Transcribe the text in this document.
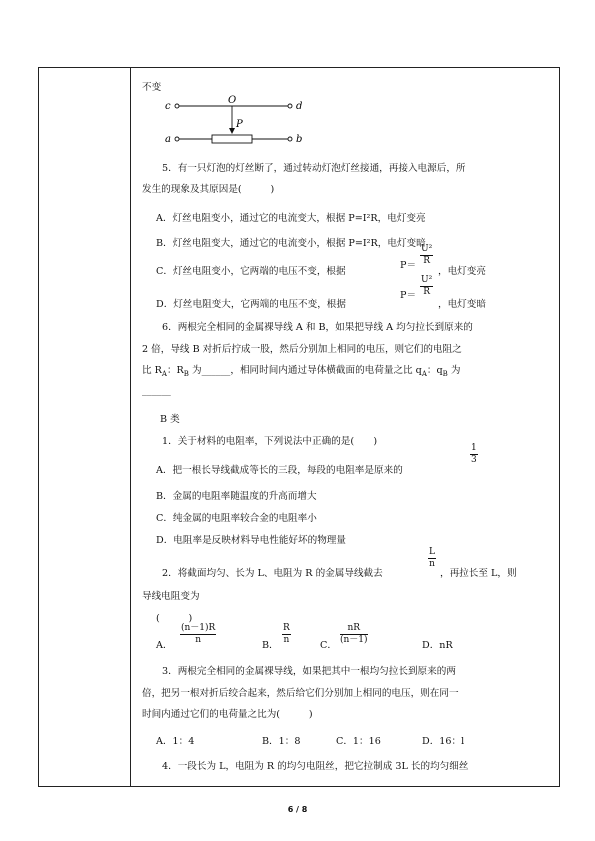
不变
c	d
a	b
O
P
5．有一只灯泡的灯丝断了，通过转动灯泡灯丝接通，再接入电源后，所
发生的现象及其原因是(　　　)
A．灯丝电阻变小，通过它的电流变大，根据 P=I²R，电灯变亮
B．灯丝电阻变大，通过它的电流变小，根据 P=I²R，电灯变暗
C．灯丝电阻变小，它两端的电压不变，根据
$P= \frac{\text{U²}}{R}$
，电灯变亮
D．灯丝电阻变大，它两端的电压不变，根据
$P= \frac{\text{U²}}{R}$
，电灯变暗
6．两根完全相同的金属裸导线 A 和 B，如果把导线 A 均匀拉长到原来的
2 倍，导线 B 对折后拧成一股，然后分别加上相同的电压，则它们的电阻之
比 $R_A$：$R_B$ 为______，相同时间内通过导体横截面的电荷量之比 $q_A$：$q_B$ 为
______
B 类
1．关于材料的电阻率，下列说法中正确的是(　　)
A．把一根长导线截成等长的三段，每段的电阻率是原来的
$\frac{1}{3}$
B．金属的电阻率随温度的升高而增大
C．纯金属的电阻率较合金的电阻率小
D．电阻率是反映材料导电性能好坏的物理量
2．将截面均匀、长为 L、电阻为 R 的金属导线截去
$\frac{L}{n}$
，再拉长至 L，则
导线电阻变为
(　　　)
A． $\frac{(n-1)R}{n}$	B． $\frac{R}{n}$	C． $\frac{nR}{(n-1)}$	D．nR
3．两根完全相同的金属裸导线，如果把其中一根均匀拉长到原来的两
倍，把另一根对折后绞合起来，然后给它们分别加上相同的电压，则在同一
时间内通过它们的电荷量之比为(　　　)
A．1：4	B．1：8	C．1：16	D．16：l
4．一段长为 L，电阻为 R 的均匀电阻丝，把它拉制成 3L 长的均匀细丝
6 / 8
